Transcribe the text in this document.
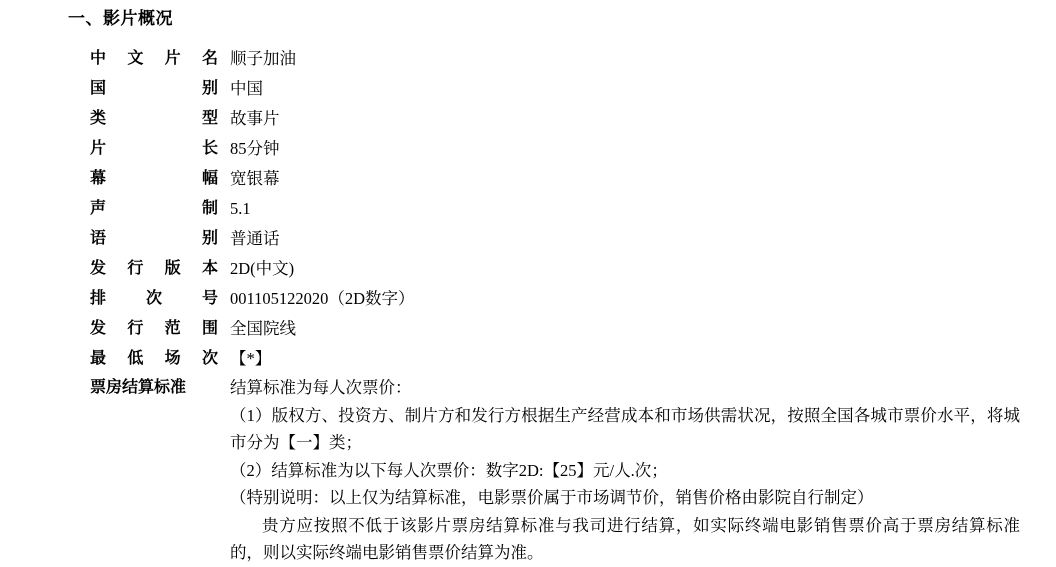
一、影片概况
中 文 片 名	顺子加油

国 别	中国

类 型	故事片

片 长	85分钟

幕 幅	宽银幕

声 制	5.1

语 别	普通话

发 行 版 本	2D(中文)

排 次 号	001105122020（2D数字）

发 行 范 围	全国院线

最 低 场 次	【*】

票房结算标准	结算标准为每人次票价：

（1）版权方、投资方、制片方和发行方根据生产经营成本和市场供需状况，按照全国各城市票价水平，将城市分为【一】类；

（2）结算标准为以下每人次票价：数字2D:【25】元/人.次；

（特别说明：以上仅为结算标准，电影票价属于市场调节价，销售价格由影院自行制定）

贵方应按照不低于该影片票房结算标准与我司进行结算，如实际终端电影销售票价高于票房结算标准的，则以实际终端电影销售票价结算为准。
